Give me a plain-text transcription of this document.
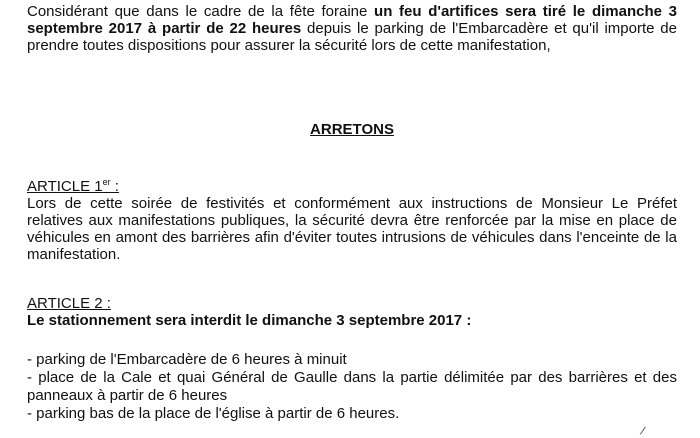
Considérant que dans le cadre de la fête foraine un feu d'artifices sera tiré le dimanche 3 septembre 2017 à partir de 22 heures depuis le parking de l'Embarcadère et qu'il importe de prendre toutes dispositions pour assurer la sécurité lors de cette manifestation,

ARRETONS

ARTICLE 1er :

Lors de cette soirée de festivités et conformément aux instructions de Monsieur Le Préfet relatives aux manifestations publiques, la sécurité devra être renforcée par la mise en place de véhicules en amont des barrières afin d'éviter toutes intrusions de véhicules dans l'enceinte de la manifestation.

ARTICLE 2 :

Le stationnement sera interdit le dimanche 3 septembre 2017 :

- parking de l'Embarcadère de 6 heures à minuit

- place de la Cale et quai Général de Gaulle dans la partie délimitée par des barrières et des panneaux à partir de 6 heures

- parking bas de la place de l'église à partir de 6 heures.

/
